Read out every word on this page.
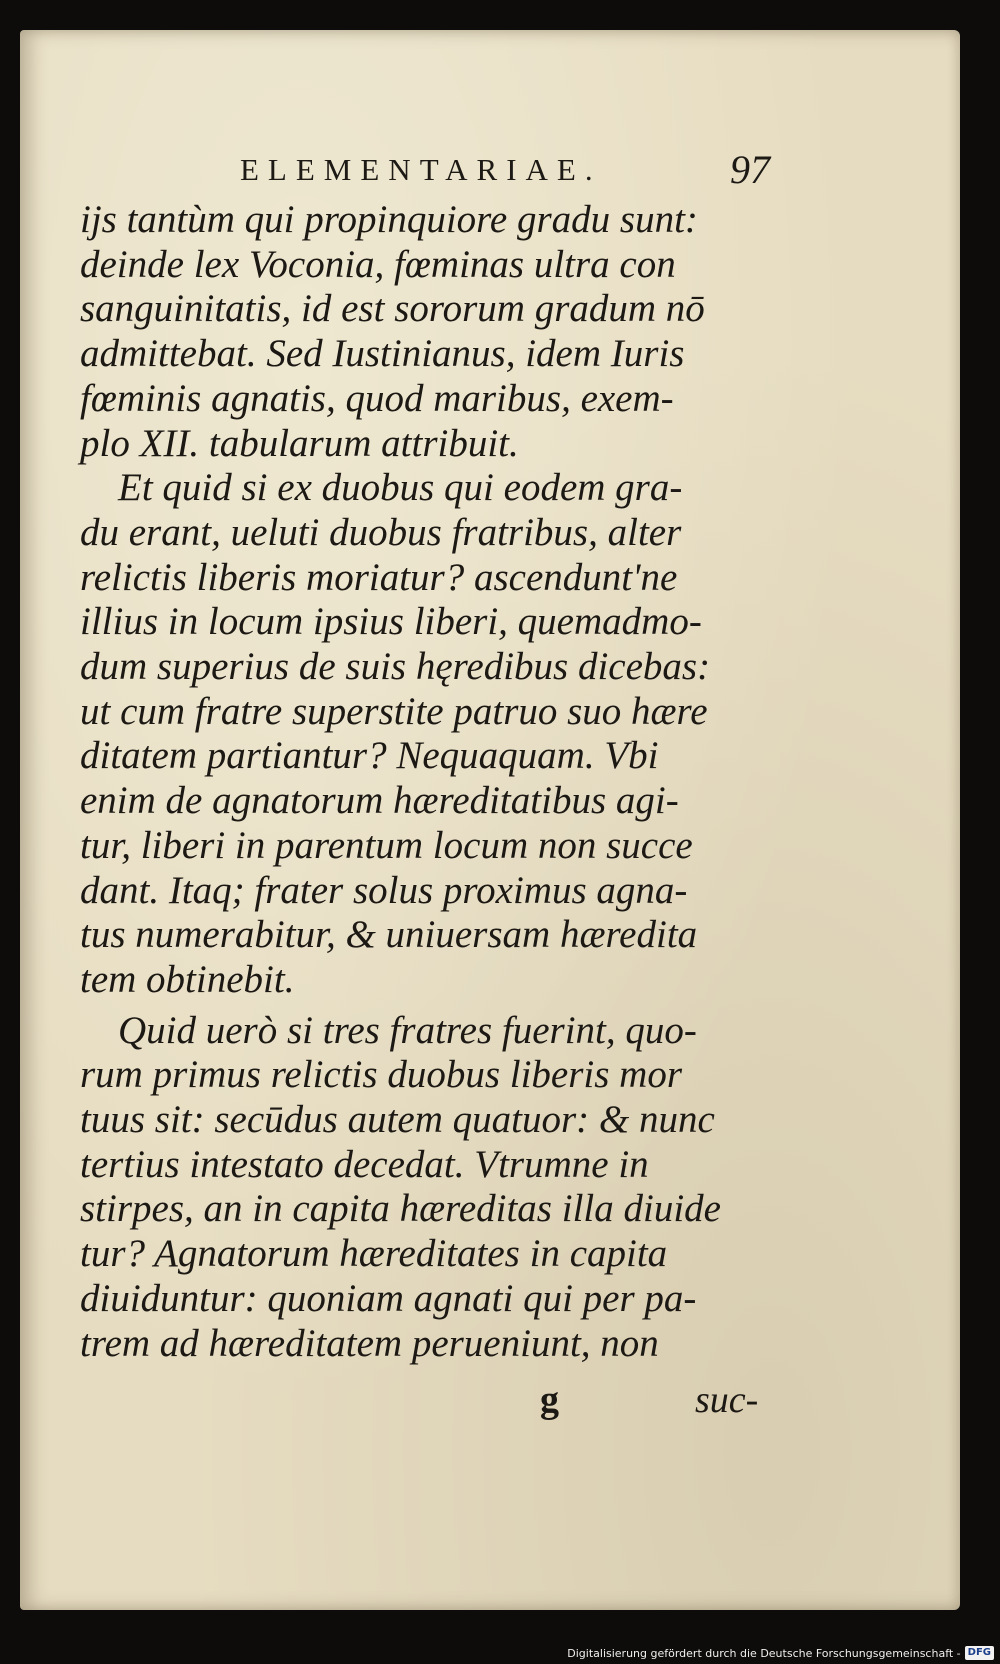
ELEMENTARIAE.	97
ijs tantùm qui propinquiore gradu sunt:
deinde lex Voconia, fœminas ultra con
sanguinitatis, id est sororum gradum nō
admittebat. Sed Iustinianus, idem Iuris
fœminis agnatis, quod maribus, exem-
plo XII. tabularum attribuit.
Et quid si ex duobus qui eodem gra-
du erant, ueluti duobus fratribus, alter
relictis liberis moriatur? ascendunt'ne
illius in locum ipsius liberi, quemadmo-
dum superius de suis hęredibus dicebas:
ut cum fratre superstite patruo suo hære
ditatem partiantur? Nequaquam. Vbi
enim de agnatorum hæreditatibus agi-
tur, liberi in parentum locum non succe
dant. Itaq; frater solus proximus agna-
tus numerabitur, & uniuersam hæredita
tem obtinebit.
Quid uerò si tres fratres fuerint, quo-
rum primus relictis duobus liberis mor
tuus sit: secūdus autem quatuor: & nunc
tertius intestato decedat. Vtrumne in
stirpes, an in capita hæreditas illa diuide
tur? Agnatorum hæreditates in capita
diuiduntur: quoniam agnati qui per pa-
trem ad hæreditatem perueniunt, non
g	suc-
Digitalisierung gefördert durch die Deutsche Forschungsgemeinschaft - DFG
